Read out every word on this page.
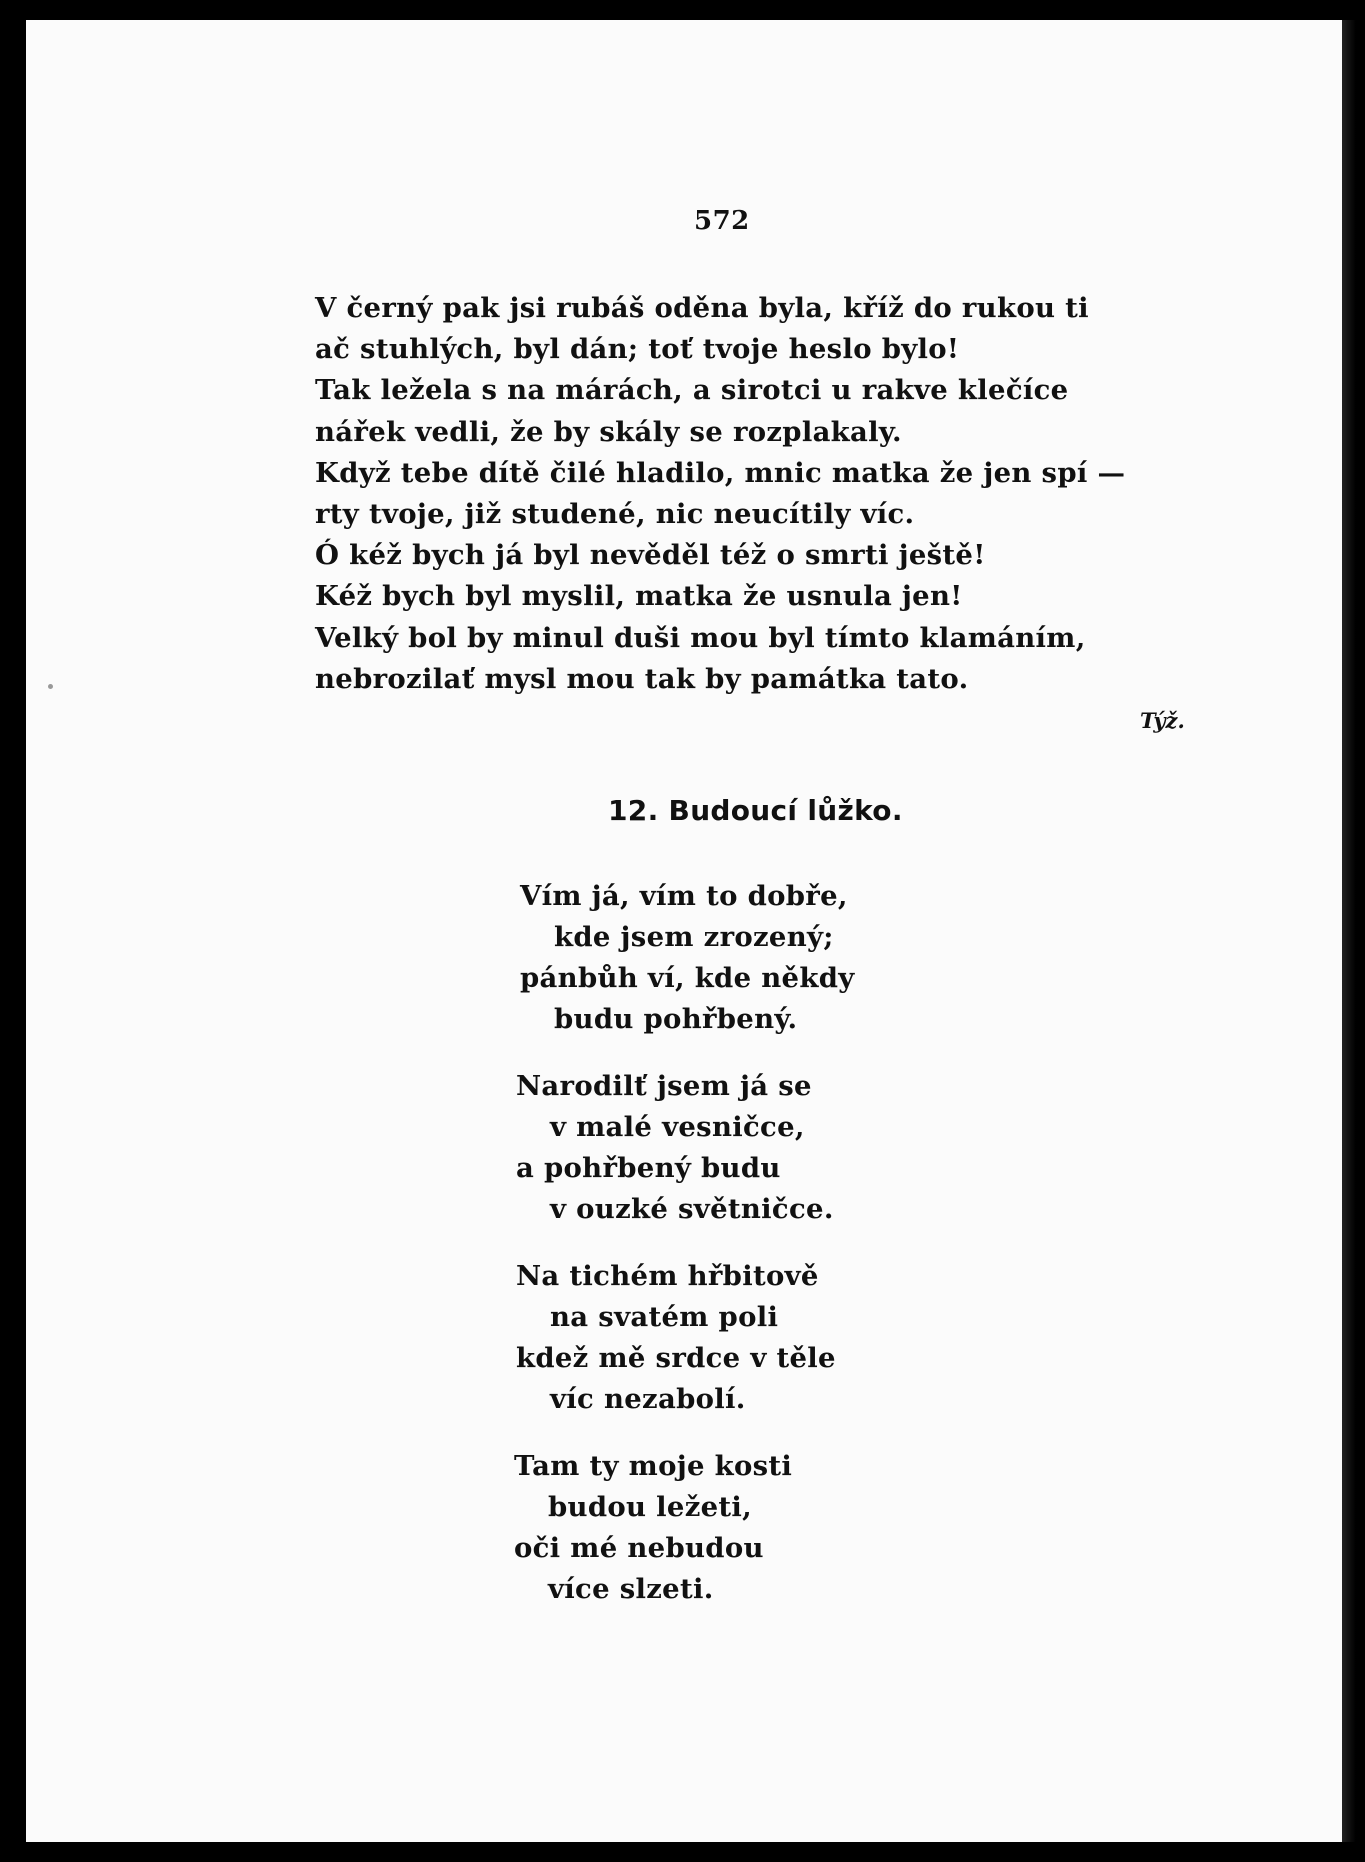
572

V černý pak jsi rubáš oděna byla, kříž do rukou ti
ač stuhlých, byl dán; toť tvoje heslo bylo!
Tak ležela s na márách, a sirotci u rakve klečíce
nářek vedli, že by skály se rozplakaly.
Když tebe dítě čilé hladilo, mnic matka že jen spí —
rty tvoje, již studené, nic neucítily víc.
Ó kéž bych já byl nevěděl též o smrti ještě!
Kéž bych byl myslil, matka že usnula jen!
Velký bol by minul duši mou byl tímto klamáním,
nebrozilať mysl mou tak by památka tato.

Týž.
12. Budoucí lůžko.

Vím já, vím to dobře,
kde jsem zrozený;
pánbůh ví, kde někdy
budu pohřbený.

Narodilť jsem já se
v malé vesničce,
a pohřbený budu
v ouzké světničce.

Na tichém hřbitově
na svatém poli
kdež mě srdce v těle
víc nezabolí.

Tam ty moje kosti
budou ležeti,
oči mé nebudou
více slzeti.
